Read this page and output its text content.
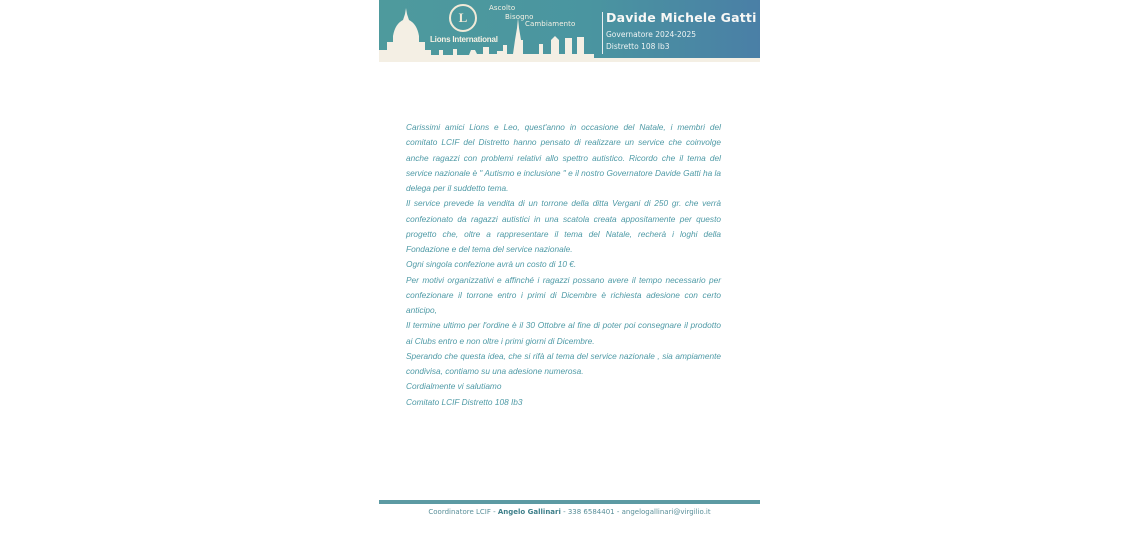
L
Lions International
Ascolto
Bisogno
Cambiamento Davide Michele Gatti
Governatore 2024-2025
Distretto 108 Ib3

Carissimi amici Lions e Leo, quest'anno in occasione del Natale, i membri del comitato LCIF del Distretto hanno pensato di realizzare un service che coinvolge anche ragazzi con problemi relativi allo spettro autistico. Ricordo che il tema del service nazionale è " Autismo e inclusione " e il nostro Governatore Davide Gatti ha la delega per il suddetto tema.

Il service prevede la vendita di un torrone della ditta Vergani di 250 gr. che verrà confezionato da ragazzi autistici in una scatola creata appositamente per questo progetto che, oltre a rappresentare il tema del Natale, recherà i loghi della Fondazione e del tema del service nazionale.

Ogni singola confezione avrà un costo di 10 €.

Per motivi organizzativi e affinché i ragazzi possano avere il tempo necessario per confezionare il torrone entro i primi di Dicembre è richiesta adesione con certo anticipo,

Il termine ultimo per l'ordine è il 30 Ottobre al fine di poter poi consegnare il prodotto ai Clubs entro e non oltre i primi giorni di Dicembre.

Sperando che questa idea, che si rifà al tema del service nazionale , sia ampiamente condivisa, contiamo su una adesione numerosa.

Cordialmente vi salutiamo

Comitato LCIF Distretto 108 Ib3

Coordinatore LCIF - Angelo Gallinari - 338 6584401 - angelogallinari@virgilio.it
